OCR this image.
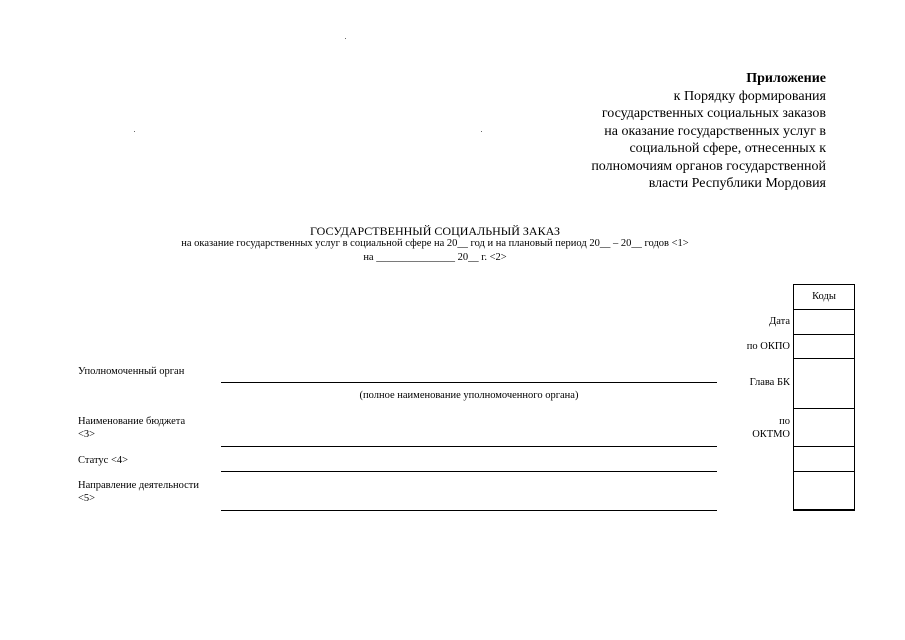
Приложение
к Порядку формирования
государственных социальных заказов
на оказание государственных услуг в
социальной сфере, отнесенных к
полномочиям органов государственной
власти Республики Мордовия
ГОСУДАРСТВЕННЫЙ СОЦИАЛЬНЫЙ ЗАКАЗ
на оказание государственных услуг в социальной сфере на 20__ год и на плановый период 20__ – 20__ годов <1>
на _______________ 20__ г. <2>
Уполномоченный орган
(полное наименование уполномоченного органа)
Наименование бюджета
<3>
Статус <4>
Направление деятельности
<5>
Дата
по ОКПО
Глава БК
по
ОКТМО
Коды
